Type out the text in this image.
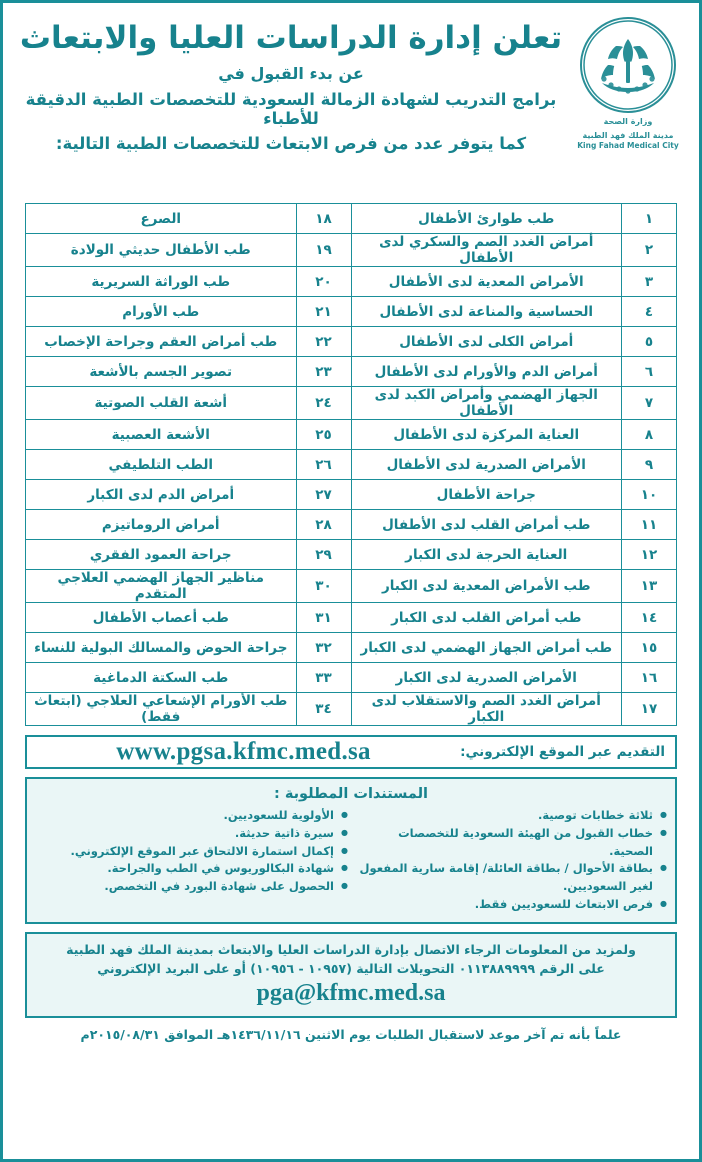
وزارة الصحة
مدينة الملك فهد الطبية
King Fahad Medical City
تعلن إدارة الدراسات العليا والابتعاث
عن بدء القبول في
برامج التدريب لشهادة الزمالة السعودية للتخصصات الطبية الدقيقة للأطباء
كما يتوفر عدد من فرص الابتعاث للتخصصات الطبية التالية:
١	طب طوارئ الأطفال	١٨	الصرع
٢	أمراض الغدد الصم والسكري لدى الأطفال	١٩	طب الأطفال حديثي الولادة
٣	الأمراض المعدية لدى الأطفال	٢٠	طب الوراثة السريرية
٤	الحساسية والمناعة لدى الأطفال	٢١	طب الأورام
٥	أمراض الكلى لدى الأطفال	٢٢	طب أمراض العقم وجراحة الإخصاب
٦	أمراض الدم والأورام لدى الأطفال	٢٣	تصوير الجسم بالأشعة
٧	الجهاز الهضمي وأمراض الكبد لدى الأطفال	٢٤	أشعة القلب الصوتية
٨	العناية المركزة لدى الأطفال	٢٥	الأشعة العصبية
٩	الأمراض الصدرية لدى الأطفال	٢٦	الطب التلطيفي
١٠	جراحة الأطفال	٢٧	أمراض الدم لدى الكبار
١١	طب أمراض القلب لدى الأطفال	٢٨	أمراض الروماتيزم
١٢	العناية الحرجة لدى الكبار	٢٩	جراحة العمود الفقري
١٣	طب الأمراض المعدية لدى الكبار	٣٠	مناظير الجهاز الهضمي العلاجي المتقدم
١٤	طب أمراض القلب لدى الكبار	٣١	طب أعصاب الأطفال
١٥	طب أمراض الجهاز الهضمي لدى الكبار	٣٢	جراحة الحوض والمسالك البولية للنساء
١٦	الأمراض الصدرية لدى الكبار	٣٣	طب السكتة الدماغية
١٧	أمراض الغدد الصم والاستقلاب لدى الكبار	٣٤	طب الأورام الإشعاعي العلاجي (ابتعاث فقط)
التقديم عبر الموقع الإلكتروني:
www.pgsa.kfmc.med.sa
المستندات المطلوبة :
● ثلاثة خطابات توصية.
● خطاب القبول من الهيئة السعودية للتخصصات الصحية.
● بطاقة الأحوال / بطاقة العائلة/ إقامة سارية المفعول لغير السعوديين.
● فرص الابتعاث للسعوديين فقط.
● الأولوية للسعوديين.
● سيرة ذاتية حديثة.
● إكمال استمارة الالتحاق عبر الموقع الإلكتروني.
● شهادة البكالوريوس في الطب والجراحة.
● الحصول على شهادة البورد في التخصص.
ولمزيد من المعلومات الرجاء الاتصال بإدارة الدراسات العليا والابتعاث بمدينة الملك فهد الطبية
على الرقم ٠١١٣٨٨٩٩٩٩ التحويلات التالية (١٠٩٥٧ - ١٠٩٥٦) أو على البريد الإلكتروني
pga@kfmc.med.sa
علماً بأنه تم آخر موعد لاستقبال الطلبات يوم الاثنين ١٤٣٦/١١/١٦هـ الموافق ٢٠١٥/٠٨/٣١م
